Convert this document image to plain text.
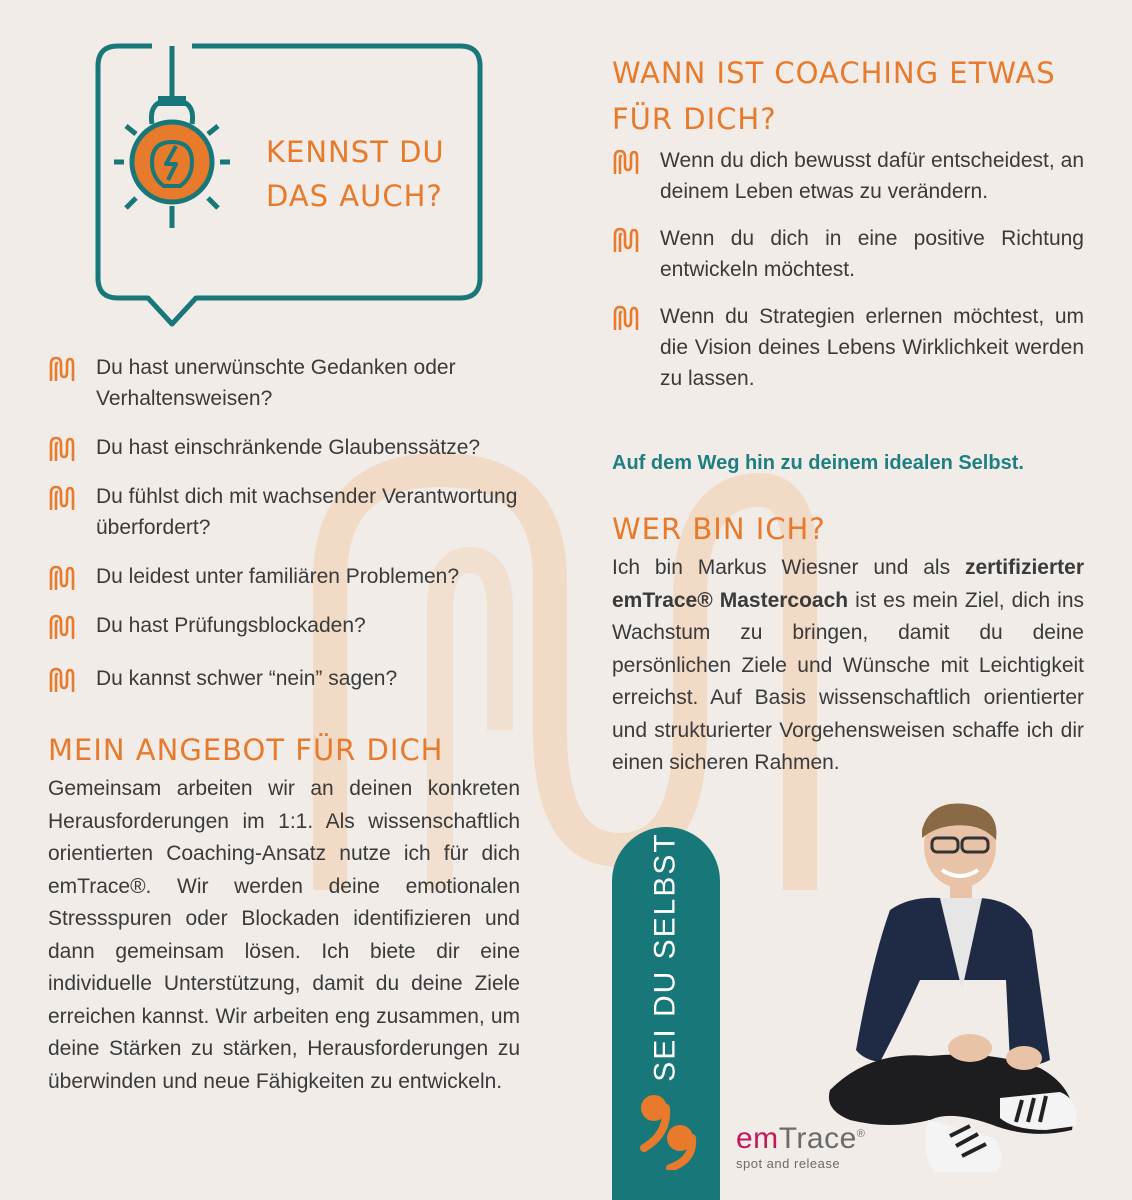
KENNST DU DAS AUCH?
Du hast unerwünschte Gedanken oder Verhaltensweisen?
Du hast einschränkende Glaubenssätze?
Du fühlst dich mit wachsender Verantwortung überfordert?
Du leidest unter familiären Problemen?
Du hast Prüfungsblockaden?
Du kannst schwer “nein” sagen?
MEIN ANGEBOT FÜR DICH

Gemeinsam arbeiten wir an deinen konkreten Herausforderungen im 1:1. Als wissenschaftlich orientierten Coaching-Ansatz nutze ich für dich emTrace®. Wir werden deine emotionalen Stressspuren oder Blockaden identifizieren und dann gemeinsam lösen. Ich biete dir eine individuelle Unterstützung, damit du deine Ziele erreichen kannst. Wir arbeiten eng zusammen, um deine Stärken zu stärken, Herausforderungen zu überwinden und neue Fähigkeiten zu entwickeln.

WANN IST COACHING ETWAS FÜR DICH?
Wenn du dich bewusst dafür entscheidest, an deinem Leben etwas zu verändern.
Wenn du dich in eine positive Richtung entwickeln möchtest.
Wenn du Strategien erlernen möchtest, um die Vision deines Lebens Wirklichkeit werden zu lassen.

Auf dem Weg hin zu deinem idealen Selbst.

WER BIN ICH?

Ich bin Markus Wiesner und als zertifizierter emTrace® Mastercoach ist es mein Ziel, dich ins Wachstum zu bringen, damit du deine persönlichen Ziele und Wünsche mit Leichtigkeit erreichst. Auf Basis wissenschaftlich orientierter und strukturierter Vorgehensweisen schaffe ich dir einen sicheren Rahmen.

SEI DU SELBST
emTrace®
spot and release
